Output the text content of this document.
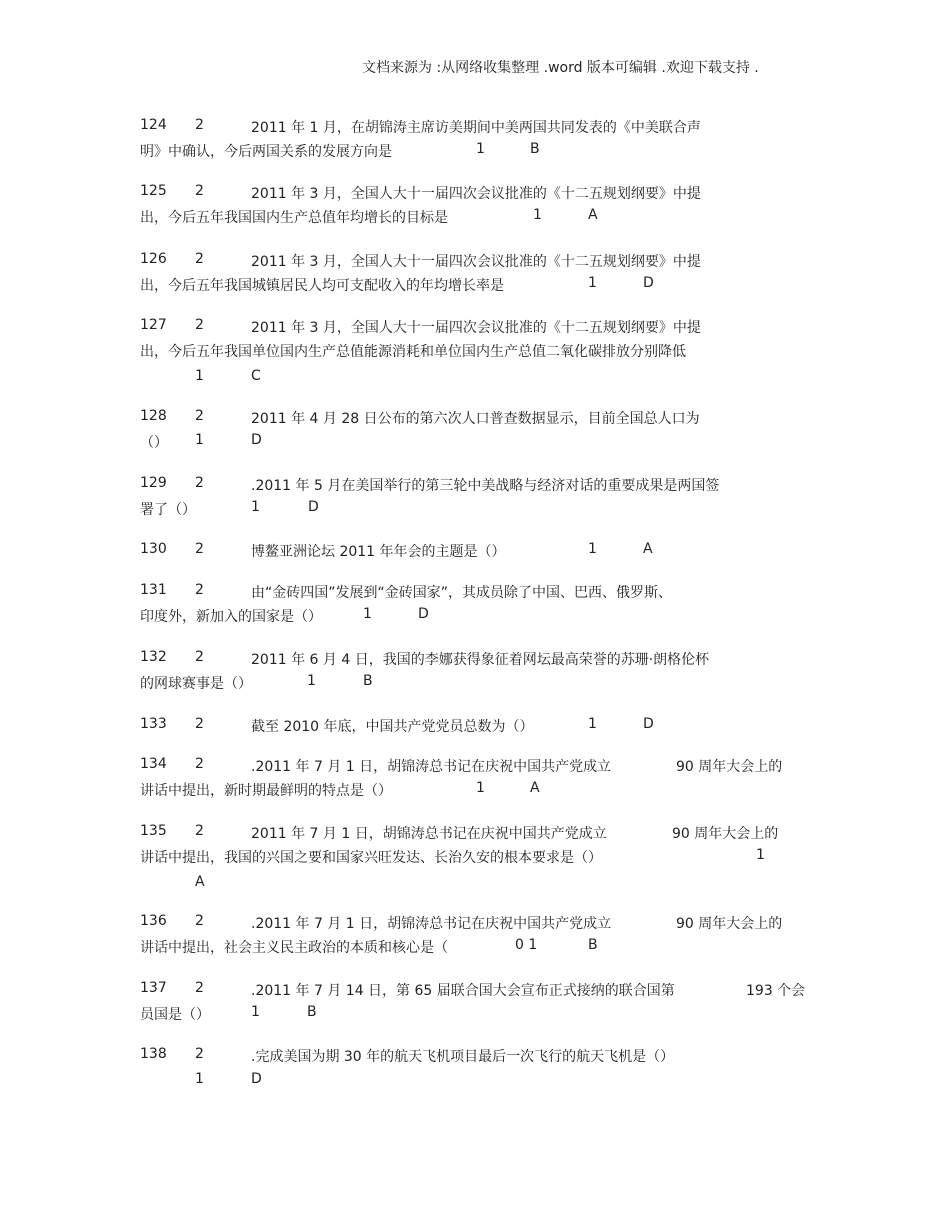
文档来源为 :从网络收集整理 .word 版本可编辑 .欢迎下载支持 .
124 2	2011 年 1 月，在胡锦涛主席访美期间中美两国共同发表的《中美联合声
明》中确认，今后两国关系的发展方向是	1	B
125 2	2011 年 3 月，全国人大十一届四次会议批准的《十二五规划纲要》中提
出，今后五年我国国内生产总值年均增长的目标是	1	A
126 2	2011 年 3 月，全国人大十一届四次会议批准的《十二五规划纲要》中提
出，今后五年我国城镇居民人均可支配收入的年均增长率是	1	D
127 2	2011 年 3 月，全国人大十一届四次会议批准的《十二五规划纲要》中提
出，今后五年我国单位国内生产总值能源消耗和单位国内生产总值二氧化碳排放分别降低
1	C
128 2	2011 年 4 月 28 日公布的第六次人口普查数据显示，目前全国总人口为
（） 1	D
129 2	.2011 年 5 月在美国举行的第三轮中美战略与经济对话的重要成果是两国签
署了（）	1	D
130 2	博鳌亚洲论坛 2011 年年会的主题是（）	1	A
131 2	由“金砖四国”发展到“金砖国家”，其成员除了中国、巴西、俄罗斯、
印度外，新加入的国家是（）	1	D
132 2	2011 年 6 月 4 日，我国的李娜获得象征着网坛最高荣誉的苏珊·朗格伦杯
的网球赛事是（）	1	B
133 2	截至 2010 年底，中国共产党党员总数为（）	1	D
134 2	.2011 年 7 月 1 日，胡锦涛总书记在庆祝中国共产党成立	90 周年大会上的
讲话中提出，新时期最鲜明的特点是（）	1	A
135 2	2011 年 7 月 1 日，胡锦涛总书记在庆祝中国共产党成立	90 周年大会上的
讲话中提出，我国的兴国之要和国家兴旺发达、长治久安的根本要求是（）	1
A
136 2	.2011 年 7 月 1 日，胡锦涛总书记在庆祝中国共产党成立	90 周年大会上的
讲话中提出，社会主义民主政治的本质和核心是（	0 1	B
137 2	.2011 年 7 月 14 日，第 65 届联合国大会宣布正式接纳的联合国第	193 个会
员国是（）	1	B
138 2	.完成美国为期 30 年的航天飞机项目最后一次飞行的航天飞机是（）
1	D
